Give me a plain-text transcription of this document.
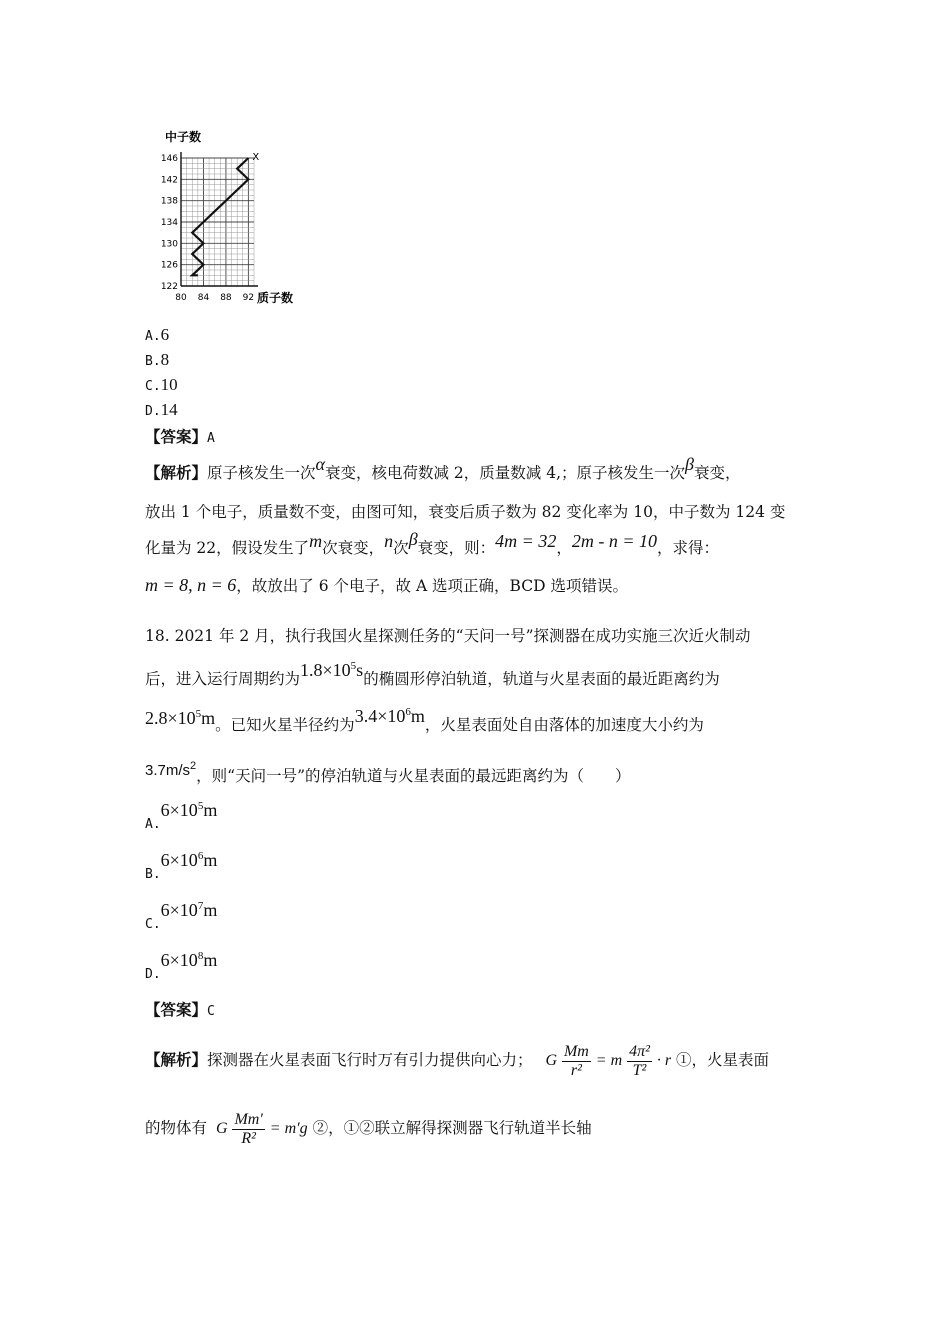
中子数
146
142
138
134
130
126
122
80 84 88 92
X
质子数
A.6
B.8
C.10
D.14
【答案】A
【解析】原子核发生一次α衰变，核电荷数减 2，质量数减 4,；原子核发生一次β衰变，
放出 1 个电子，质量数不变，由图可知，衰变后质子数为 82 变化率为 10，中子数为 124 变
化量为 22，假设发生了m次衰变，n次β衰变，则：4m = 32，2m - n = 10，求得：
m = 8, n = 6，故放出了 6 个电子，故 A 选项正确，BCD 选项错误。
18. 2021 年 2 月，执行我国火星探测任务的“天问一号”探测器在成功实施三次近火制动
后，进入运行周期约为$1.8\times 10^5s$的椭圆形停泊轨道，轨道与火星表面的最近距离约为
$2.8\times 10^5m$。已知火星半径约为$3.4\times 10^6m$，火星表面处自由落体的加速度大小约为
$3.7m/s^2$，则“天问一号”的停泊轨道与火星表面的最远距离约为（　　）
$_{A.}6\times 10^5m$
$_{B.}6\times 10^6m$
$_{C.}6\times 10^7m$
$_{D.}6\times 10^8m$
【答案】C
【解析】探测器在火星表面飞行时万有引力提供向心力； G $\frac{Mm}{\text{r²}} = m \frac{\text{4π²}}{\text{T²}} \cdot r$ ①，火星表面
的物体有 G $\frac{Mm'}{\text{R²}} = m'g$ ②，①②联立解得探测器飞行轨道半长轴
